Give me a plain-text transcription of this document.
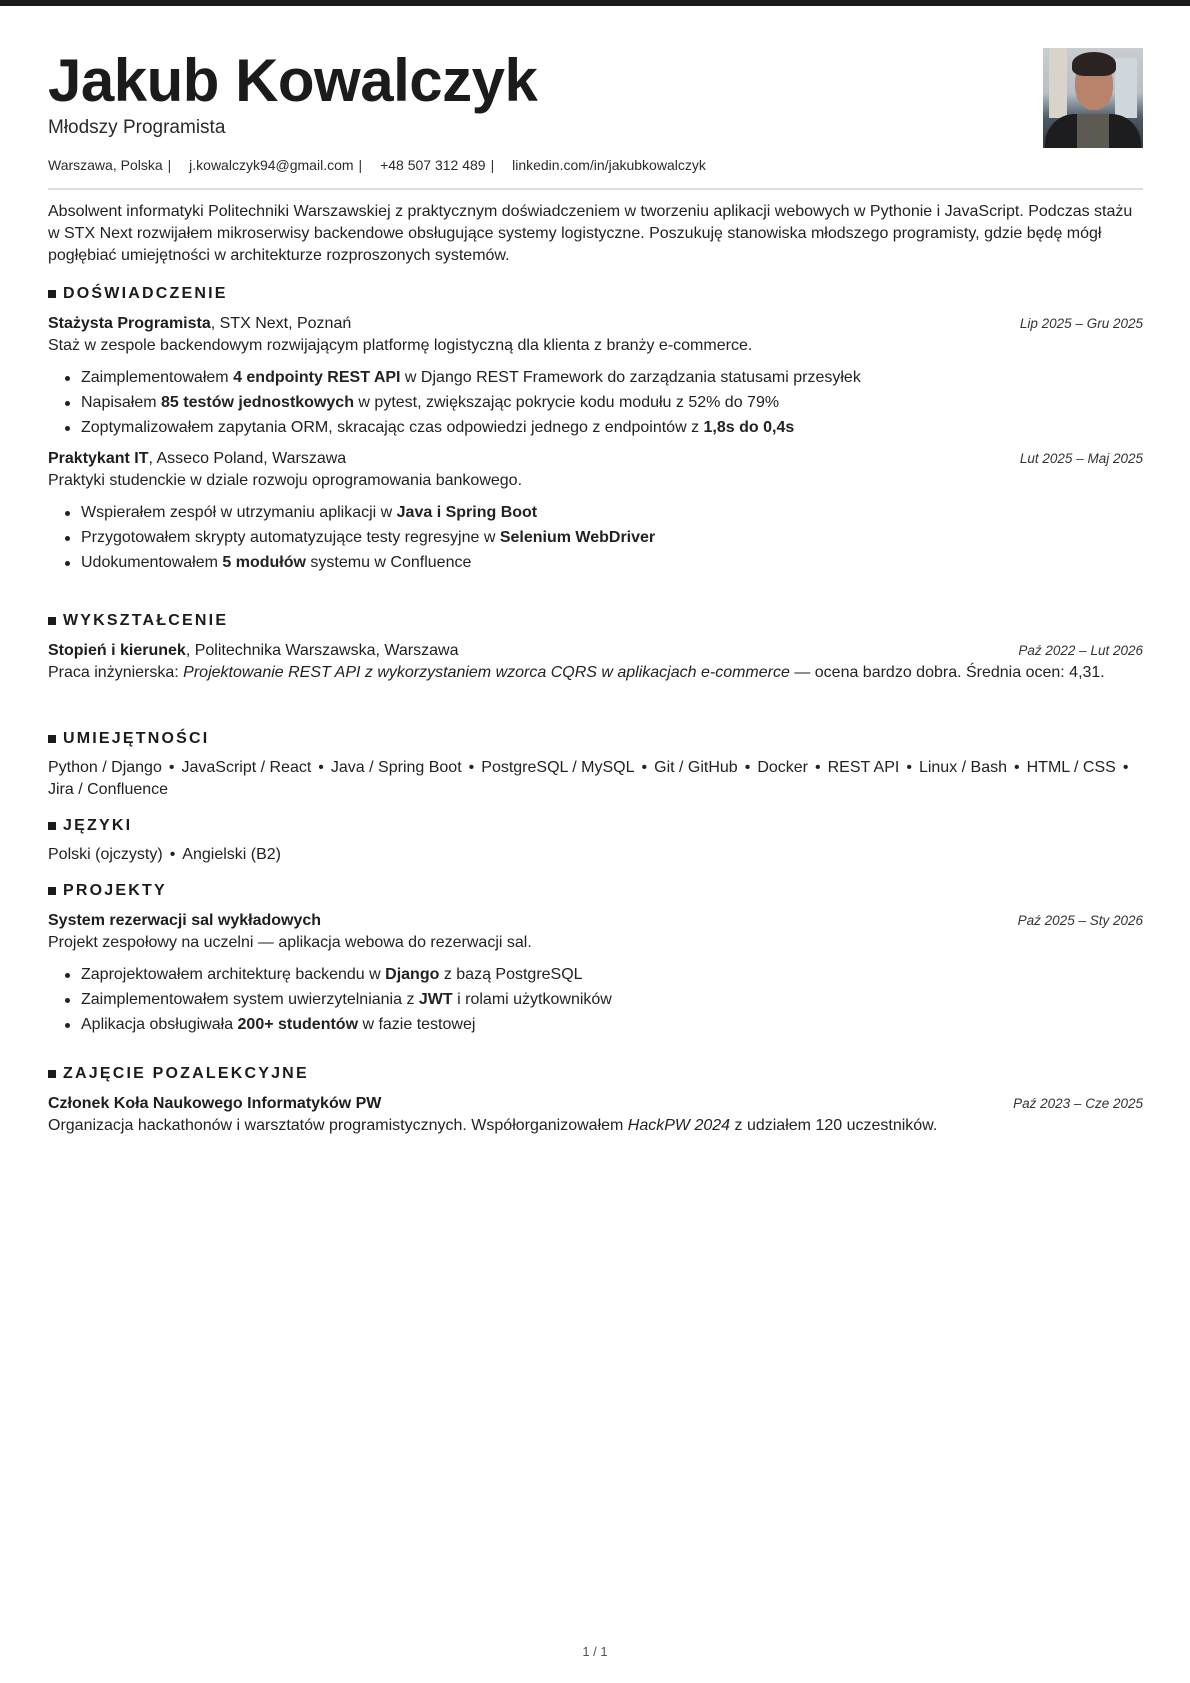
Jakub Kowalczyk
Młodszy Programista
Warszawa, Polska | j.kowalczyk94@gmail.com | +48 507 312 489 | linkedin.com/in/jakubkowalczyk

Absolwent informatyki Politechniki Warszawskiej z praktycznym doświadczeniem w tworzeniu aplikacji webowych w Pythonie i JavaScript. Podczas stażu w STX Next rozwijałem mikroserwisy backendowe obsługujące systemy logistyczne. Poszukuję stanowiska młodszego programisty, gdzie będę mógł pogłębiać umiejętności w architekturze rozproszonych systemów.

DOŚWIADCZENIE
Stażysta Programista, STX Next, Poznań	Lip 2025 – Gru 2025
Staż w zespole backendowym rozwijającym platformę logistyczną dla klienta z branży e-commerce.
Zaimplementowałem 4 endpointy REST API w Django REST Framework do zarządzania statusami przesyłek
Napisałem 85 testów jednostkowych w pytest, zwiększając pokrycie kodu modułu z 52% do 79%
Zoptymalizowałem zapytania ORM, skracając czas odpowiedzi jednego z endpointów z 1,8s do 0,4s
Praktykant IT, Asseco Poland, Warszawa	Lut 2025 – Maj 2025
Praktyki studenckie w dziale rozwoju oprogramowania bankowego.
Wspierałem zespół w utrzymaniu aplikacji w Java i Spring Boot
Przygotowałem skrypty automatyzujące testy regresyjne w Selenium WebDriver
Udokumentowałem 5 modułów systemu w Confluence
WYKSZTAŁCENIE
Stopień i kierunek, Politechnika Warszawska, Warszawa	Paź 2022 – Lut 2026
Praca inżynierska: Projektowanie REST API z wykorzystaniem wzorca CQRS w aplikacjach e-commerce — ocena bardzo dobra. Średnia ocen: 4,31.
UMIEJĘTNOŚCI
Python / Django • JavaScript / React • Java / Spring Boot • PostgreSQL / MySQL • Git / GitHub • Docker • REST API • Linux / Bash • HTML / CSS •Jira / Confluence
JĘZYKI
Polski (ojczysty) • Angielski (B2)
PROJEKTY
System rezerwacji sal wykładowych	Paź 2025 – Sty 2026
Projekt zespołowy na uczelni — aplikacja webowa do rezerwacji sal.
Zaprojektowałem architekturę backendu w Django z bazą PostgreSQL
Zaimplementowałem system uwierzytelniania z JWT i rolami użytkowników
Aplikacja obsługiwała 200+ studentów w fazie testowej
ZAJĘCIE POZALEKCYJNE
Członek Koła Naukowego Informatyków PW	Paź 2023 – Cze 2025
Organizacja hackathonów i warsztatów programistycznych. Współorganizowałem HackPW 2024 z udziałem 120 uczestników.
1 / 1
